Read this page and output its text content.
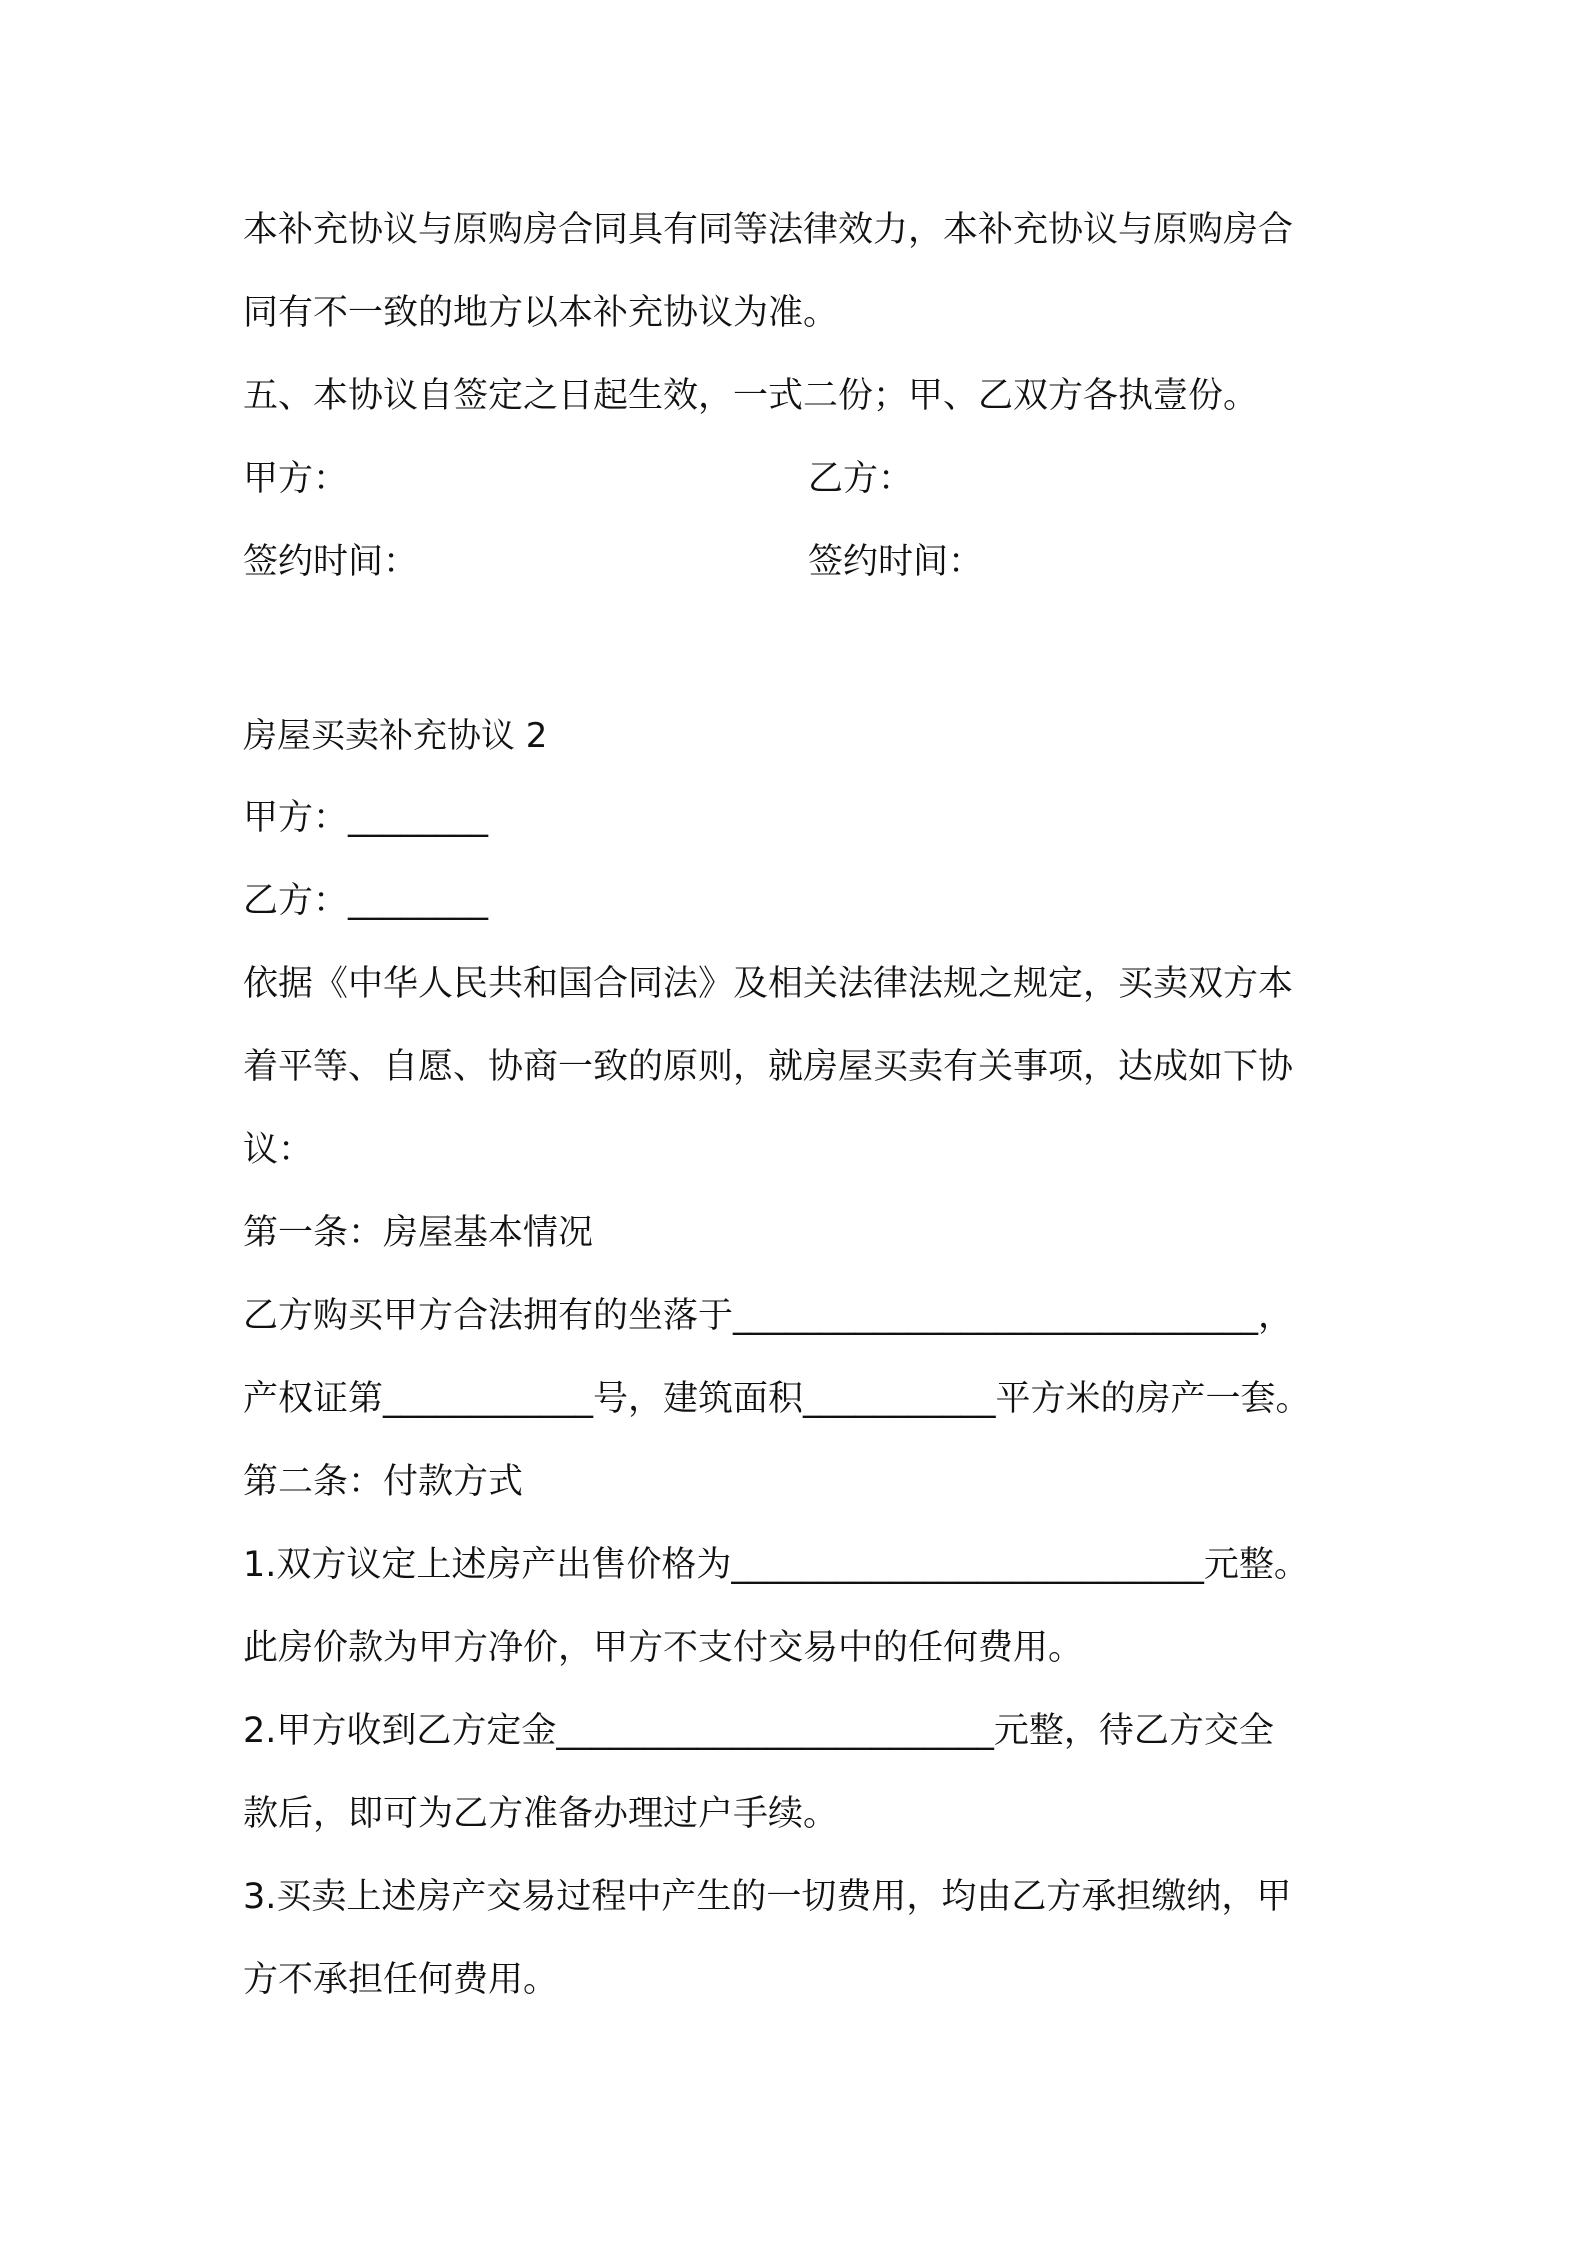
本补充协议与原购房合同具有同等法律效力，本补充协议与原购房合
同有不一致的地方以本补充协议为准。
五、本协议自签定之日起生效，一式二份；甲、乙双方各执壹份。
甲方：	乙方：
签约时间：	签约时间：
房屋买卖补充协议 2
甲方：________
乙方：________
依据《中华人民共和国合同法》及相关法律法规之规定，买卖双方本
着平等、自愿、协商一致的原则，就房屋买卖有关事项，达成如下协
议：
第一条：房屋基本情况
乙方购买甲方合法拥有的坐落于______________________________，
产权证第____________号，建筑面积___________平方米的房产一套。
第二条：付款方式
1.双方议定上述房产出售价格为___________________________元整。
此房价款为甲方净价，甲方不支付交易中的任何费用。
2.甲方收到乙方定金_________________________元整，待乙方交全
款后，即可为乙方准备办理过户手续。
3.买卖上述房产交易过程中产生的一切费用，均由乙方承担缴纳，甲
方不承担任何费用。
